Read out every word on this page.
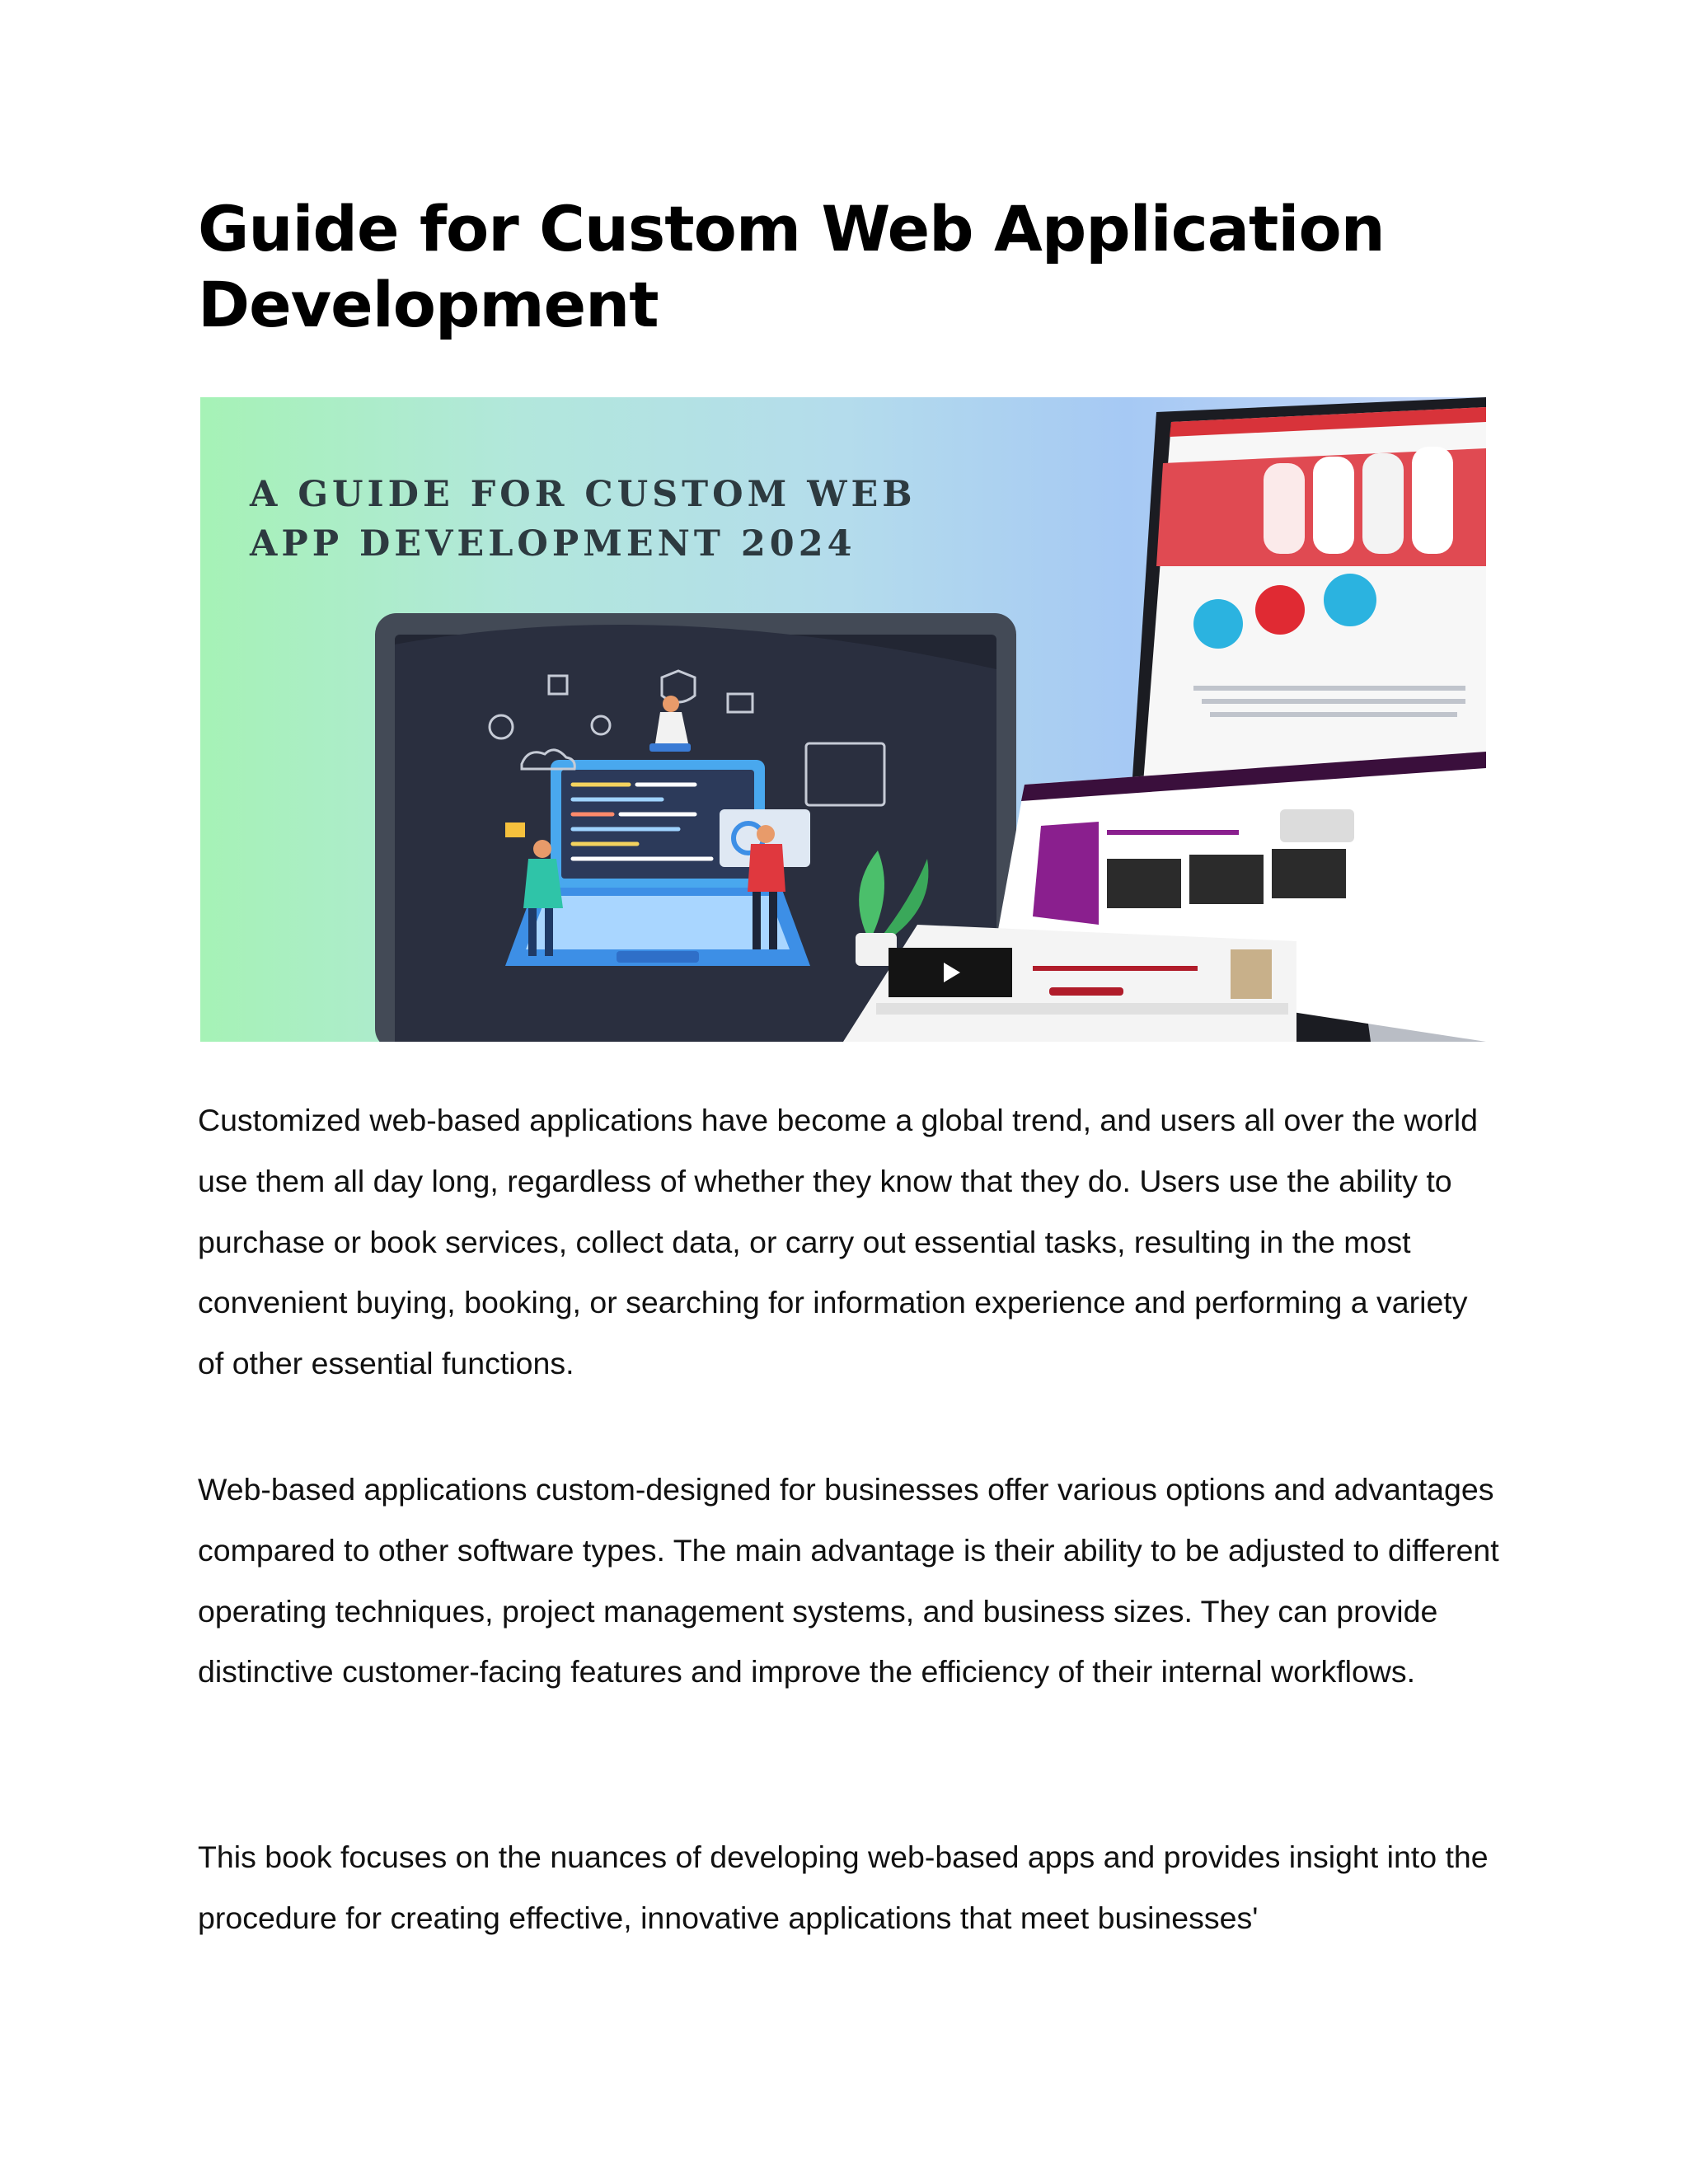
Guide for Custom Web Application Development

A GUIDE FOR CUSTOM WEB
APP DEVELOPMENT 2024

Customized web-based applications have become a global trend, and users all over the world use them all day long, regardless of whether they know that they do. Users use the ability to purchase or book services, collect data, or carry out essential tasks, resulting in the most convenient buying, booking, or searching for information experience and performing a variety of other essential functions.

Web-based applications custom-designed for businesses offer various options and advantages compared to other software types. The main advantage is their ability to be adjusted to different operating techniques, project management systems, and business sizes. They can provide distinctive customer-facing features and improve the efficiency of their internal workflows.

This book focuses on the nuances of developing web-based apps and provides insight into the procedure for creating effective, innovative applications that meet businesses'
